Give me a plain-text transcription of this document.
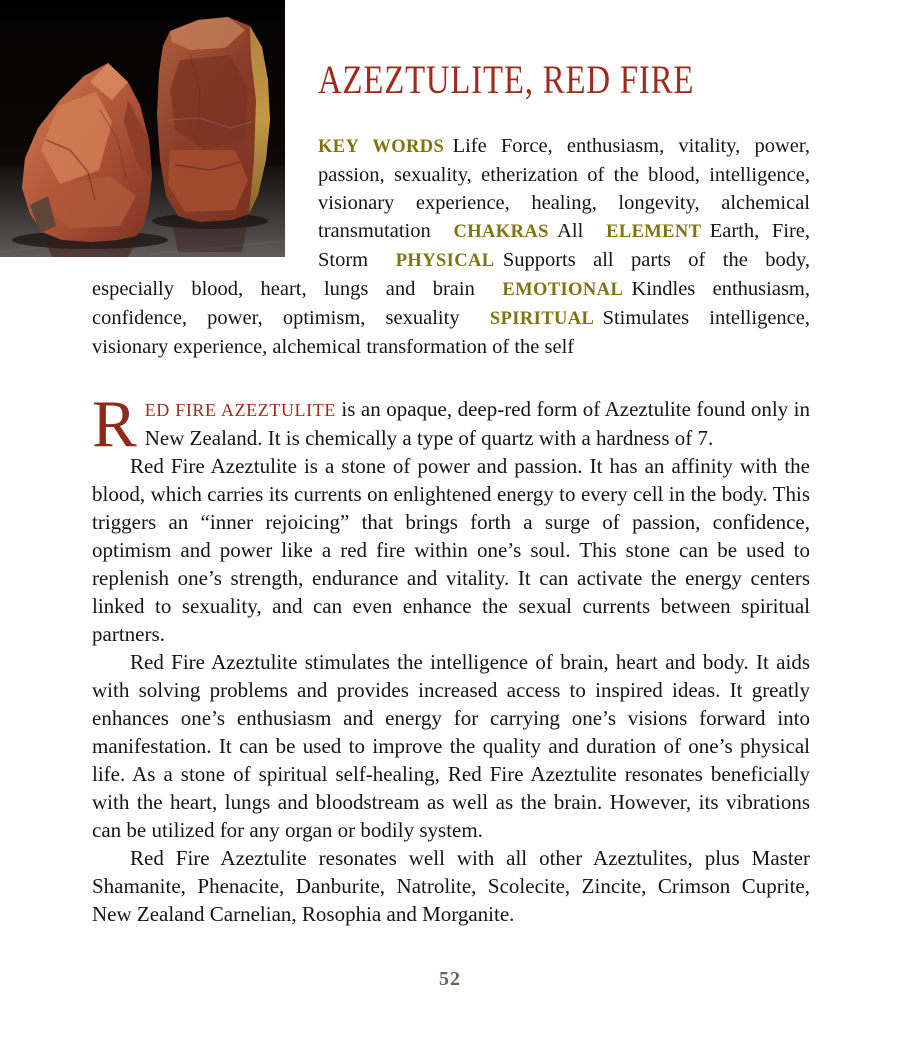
AZEZTULITE, RED FIRE

KEY WORDS Life Force, enthusiasm, vitality, power, passion, sexuality, etherization of the blood, intelligence, visionary experience, healing, longevity, alchemical transmutation CHAKRAS All ELEMENT Earth, Fire, Storm PHYSICAL Supports all parts of the body, especially blood, heart, lungs and brain EMOTIONAL Kindles enthusiasm, confidence, power, optimism, sexuality SPIRITUAL Stimulates intelligence, visionary experience, alchemical transformation of the self

RED FIRE AZEZTULITE is an opaque, deep-red form of Azeztulite found only in New Zealand. It is chemically a type of quartz with a hardness of 7.

Red Fire Azeztulite is a stone of power and passion. It has an affinity with the blood, which carries its currents on enlightened energy to every cell in the body. This triggers an “inner rejoicing” that brings forth a surge of passion, confidence, optimism and power like a red fire within one’s soul. This stone can be used to replenish one’s strength, endurance and vitality. It can activate the energy centers linked to sexuality, and can even enhance the sexual currents between spiritual partners.

Red Fire Azeztulite stimulates the intelligence of brain, heart and body. It aids with solving problems and provides increased access to inspired ideas. It greatly enhances one’s enthusiasm and energy for carrying one’s visions forward into manifestation. It can be used to improve the quality and duration of one’s physical life. As a stone of spiritual self-healing, Red Fire Azeztulite resonates beneficially with the heart, lungs and bloodstream as well as the brain. However, its vibrations can be utilized for any organ or bodily system.

Red Fire Azeztulite resonates well with all other Azeztulites, plus Master Shamanite, Phenacite, Danburite, Natrolite, Scolecite, Zincite, Crimson Cuprite, New Zealand Carnelian, Rosophia and Morganite.

52
